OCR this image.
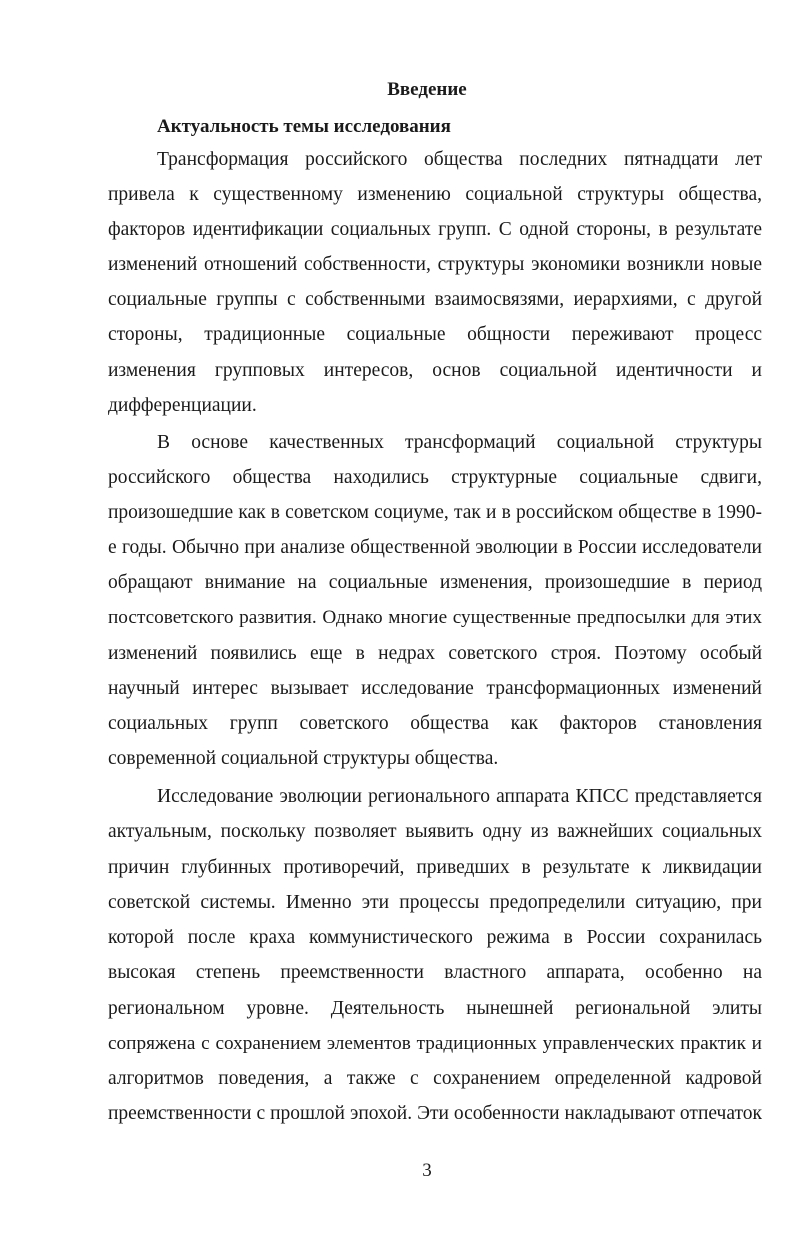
Введение
Актуальность темы исследования
Трансформация российского общества последних пятнадцати лет
привела к существенному изменению социальной структуры общества,
факторов идентификации социальных групп. С одной стороны, в результате
изменений отношений собственности, структуры экономики возникли новые
социальные группы с собственными взаимосвязями, иерархиями, с другой
стороны, традиционные социальные общности переживают процесс
изменения групповых интересов, основ социальной идентичности и
дифференциации.
В основе качественных трансформаций социальной структуры
российского общества находились структурные социальные сдвиги,
произошедшие как в советском социуме, так и в российском обществе в 1990-
е годы. Обычно при анализе общественной эволюции в России исследователи
обращают внимание на социальные изменения, произошедшие в период
постсоветского развития. Однако многие существенные предпосылки для этих
изменений появились еще в недрах советского строя. Поэтому особый
научный интерес вызывает исследование трансформационных изменений
социальных групп советского общества как факторов становления
современной социальной структуры общества.
Исследование эволюции регионального аппарата КПСС представляется
актуальным, поскольку позволяет выявить одну из важнейших социальных
причин глубинных противоречий, приведших в результате к ликвидации
советской системы. Именно эти процессы предопределили ситуацию, при
которой после краха коммунистического режима в России сохранилась
высокая степень преемственности властного аппарата, особенно на
региональном уровне. Деятельность нынешней региональной элиты
сопряжена с сохранением элементов традиционных управленческих практик и
алгоритмов поведения, а также с сохранением определенной кадровой
преемственности с прошлой эпохой. Эти особенности накладывают отпечаток
3
